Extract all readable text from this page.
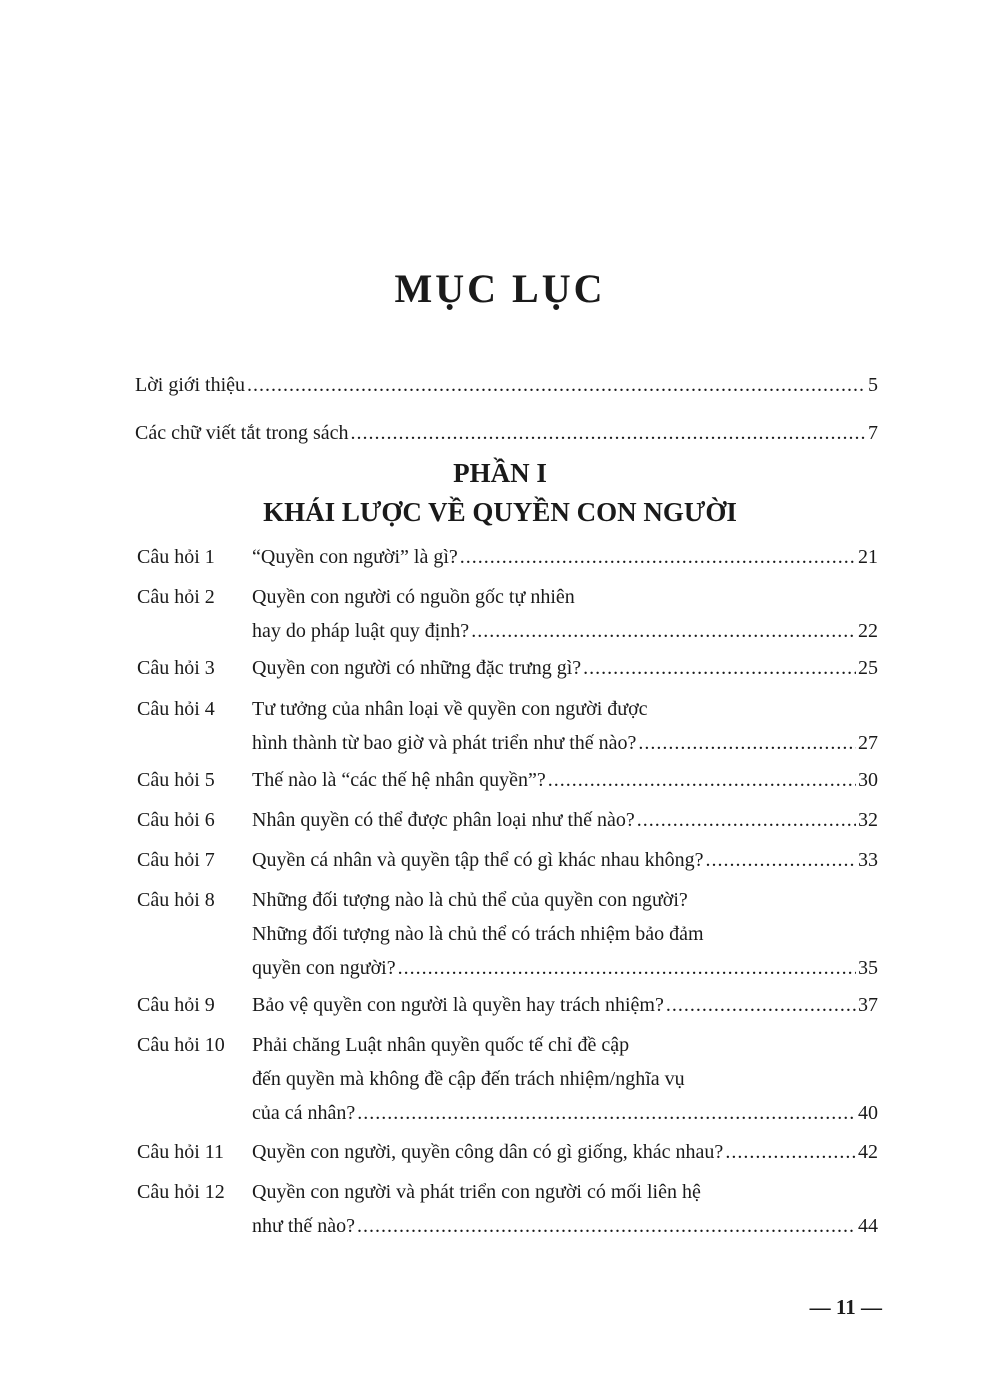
MỤC LỤC
Lời giới thiệu .....	5
Các chữ viết tắt trong sách .....	7
PHẦN I
KHÁI LƯỢC VỀ QUYỀN CON NGƯỜI
Câu hỏi 1 “Quyền con người” là gì? .....	21
Câu hỏi 2 Quyền con người có nguồn gốc tự nhiên
hay do pháp luật quy định? .....	22
Câu hỏi 3 Quyền con người có những đặc trưng gì? .....	25
Câu hỏi 4 Tư tưởng của nhân loại về quyền con người được
hình thành từ bao giờ và phát triển như thế nào? .....	27
Câu hỏi 5 Thế nào là “các thế hệ nhân quyền”? .....	30
Câu hỏi 6 Nhân quyền có thể được phân loại như thế nào? .....	32
Câu hỏi 7 Quyền cá nhân và quyền tập thể có gì khác nhau không? .....	33
Câu hỏi 8 Những đối tượng nào là chủ thể của quyền con người?
Những đối tượng nào là chủ thể có trách nhiệm bảo đảm
quyền con người? .....	35
Câu hỏi 9 Bảo vệ quyền con người là quyền hay trách nhiệm? .....	37
Câu hỏi 10 Phải chăng Luật nhân quyền quốc tế chỉ đề cập
đến quyền mà không đề cập đến trách nhiệm/nghĩa vụ
của cá nhân? .....	40
Câu hỏi 11 Quyền con người, quyền công dân có gì giống, khác nhau? .....	42
Câu hỏi 12 Quyền con người và phát triển con người có mối liên hệ
như thế nào? .....	44
— 11 —
